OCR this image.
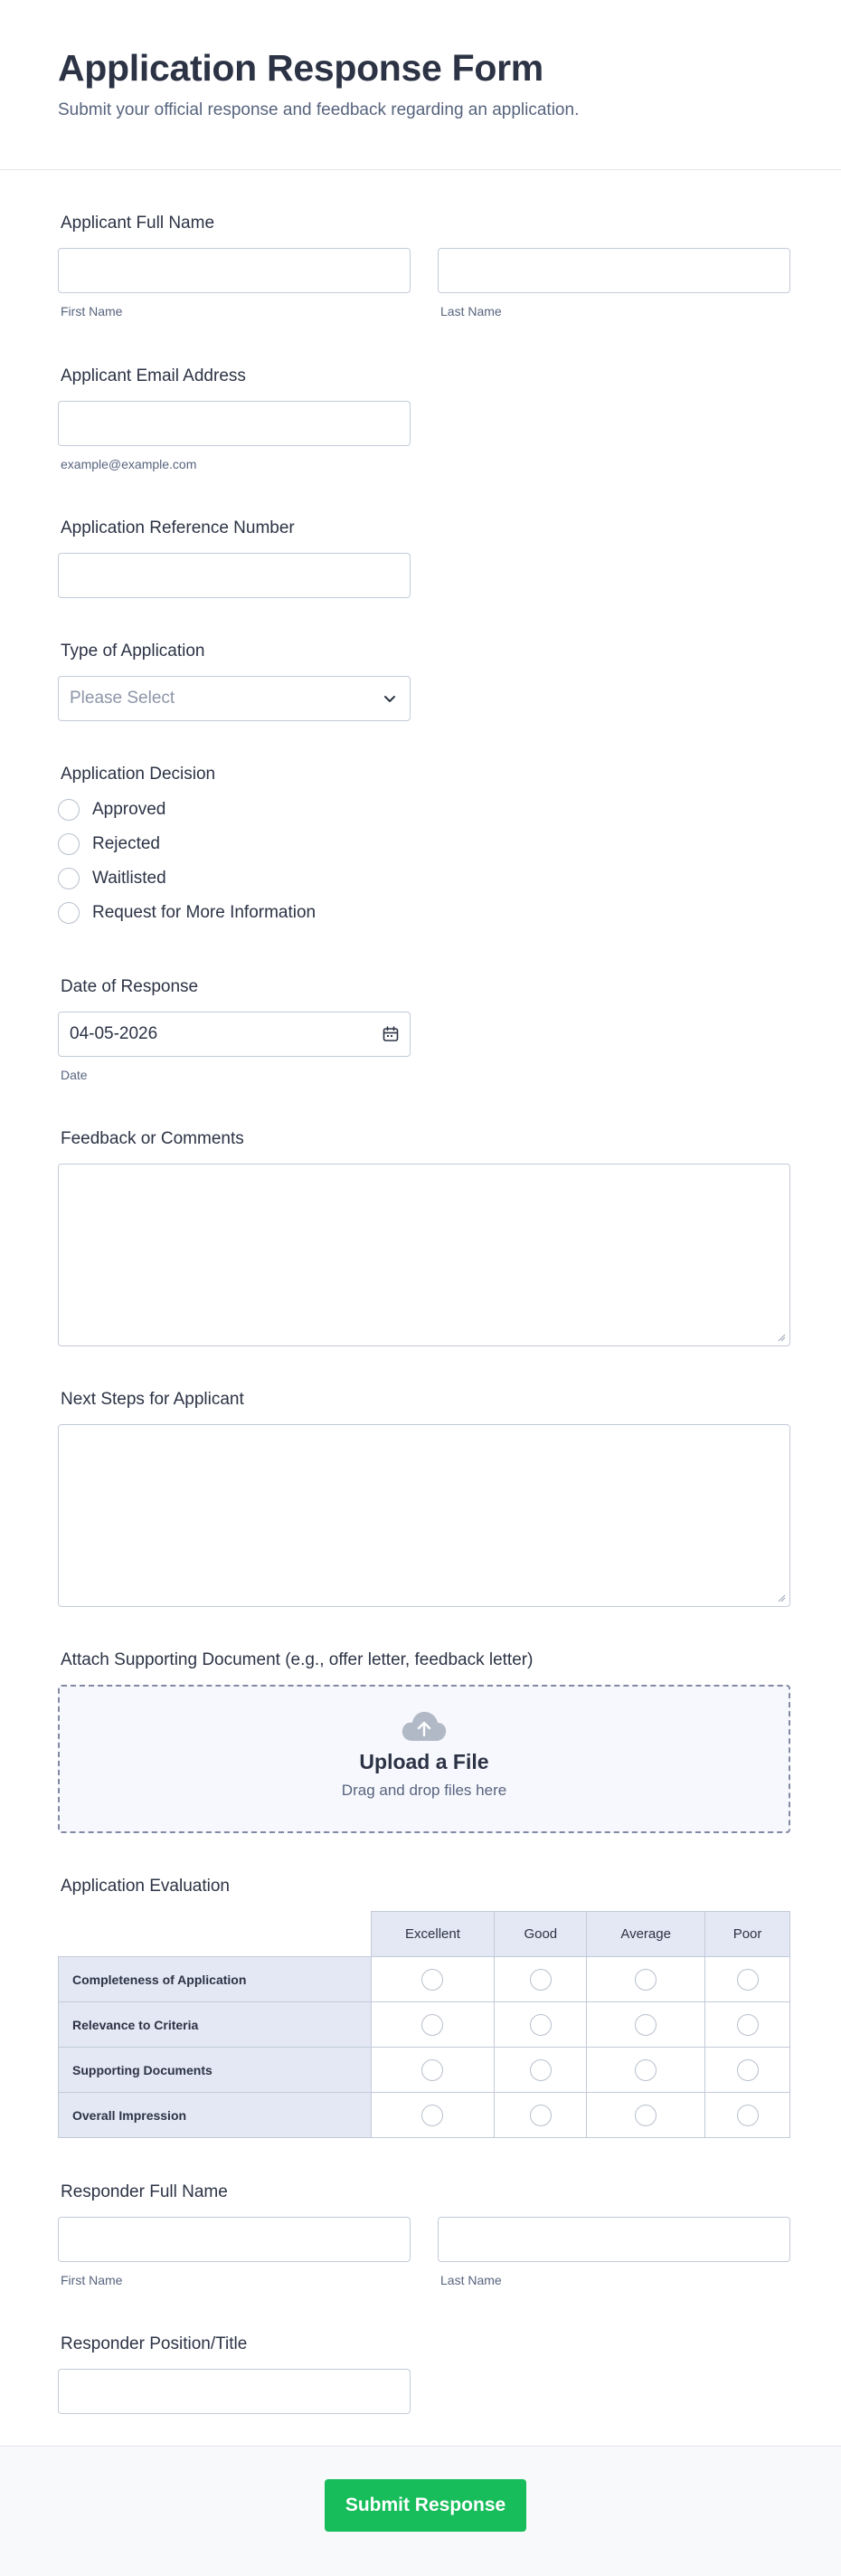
Application Response Form

Submit your official response and feedback regarding an application.

Applicant Full Name
First Name	Last Name
Applicant Email Address
example@example.com
Application Reference Number
Type of Application
Please Select
Application Decision
Approved
Rejected
Waitlisted
Request for More Information
Date of Response
04-05-2026
Date
Feedback or Comments
Next Steps for Applicant
Attach Supporting Document (e.g., offer letter, feedback letter)
Upload a File
Drag and drop files here
Application Evaluation
	Excellent	Good	Average	Poor
Completeness of Application				
Relevance to Criteria				
Supporting Documents				
Overall Impression				
Responder Full Name
First Name	Last Name
Responder Position/Title
Submit Response
